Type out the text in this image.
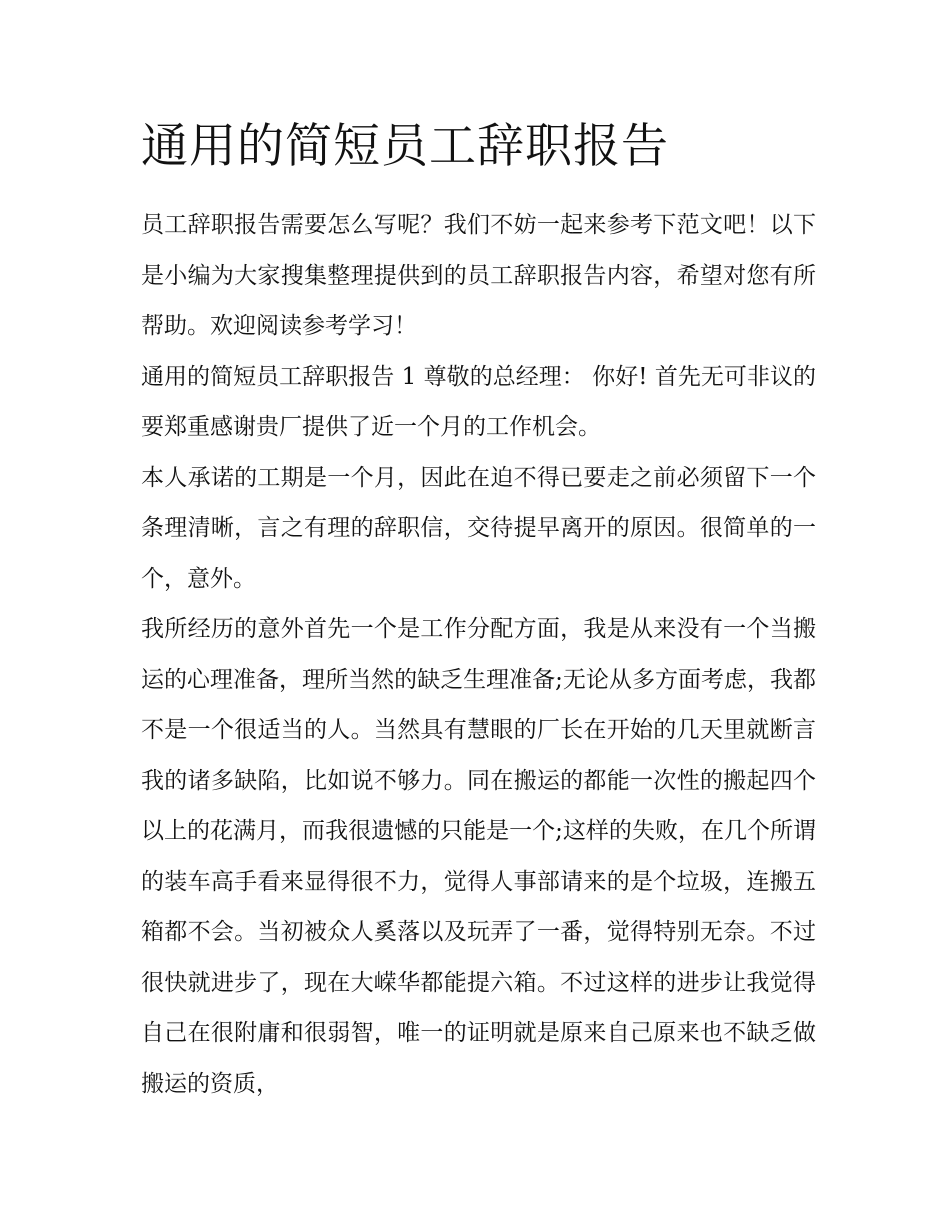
通用的简短员工辞职报告

员工辞职报告需要怎么写呢？我们不妨一起来参考下范文吧！以下是小编为大家搜集整理提供到的员工辞职报告内容，希望对您有所帮助。欢迎阅读参考学习！

通用的简短员工辞职报告 1 尊敬的总经理： 你好! 首先无可非议的要郑重感谢贵厂提供了近一个月的工作机会。

本人承诺的工期是一个月，因此在迫不得已要走之前必须留下一个条理清晰，言之有理的辞职信，交待提早离开的原因。很简单的一个，意外。

我所经历的意外首先一个是工作分配方面，我是从来没有一个当搬运的心理准备，理所当然的缺乏生理准备;无论从多方面考虑，我都不是一个很适当的人。当然具有慧眼的厂长在开始的几天里就断言我的诸多缺陷，比如说不够力。同在搬运的都能一次性的搬起四个以上的花满月，而我很遗憾的只能是一个;这样的失败，在几个所谓的装车高手看来显得很不力，觉得人事部请来的是个垃圾，连搬五箱都不会。当初被众人奚落以及玩弄了一番，觉得特别无奈。不过很快就进步了，现在大嵘华都能提六箱。不过这样的进步让我觉得自己在很附庸和很弱智，唯一的证明就是原来自己原来也不缺乏做搬运的资质，
